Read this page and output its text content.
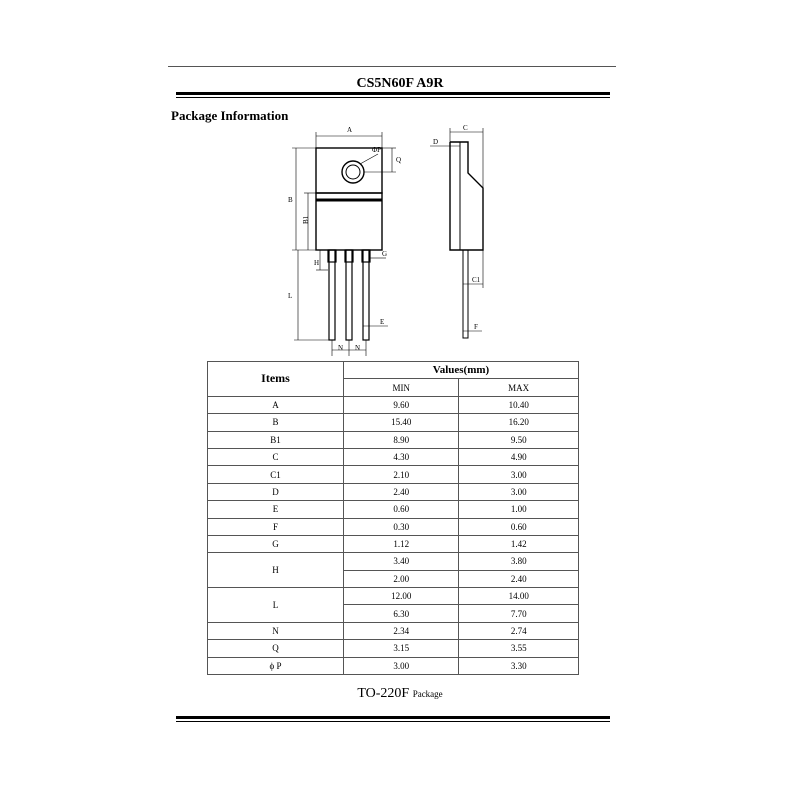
CS5N60F A9R
Package Information
A
B
B1
L
H
Q
ΦP
G
E
N N
D
C
C1
F
Items	Values(mm)	
	MIN	MAX
A	9.60	10.40
B	15.40	16.20
B1	8.90	9.50
C	4.30	4.90
C1	2.10	3.00
D	2.40	3.00
E	0.60	1.00
F	0.30	0.60
G	1.12	1.42
H	3.40	3.80
	2.00	2.40
L	12.00	14.00
	6.30	7.70
N	2.34	2.74
Q	3.15	3.55
ϕ P	3.00	3.30
TO-220F Package
